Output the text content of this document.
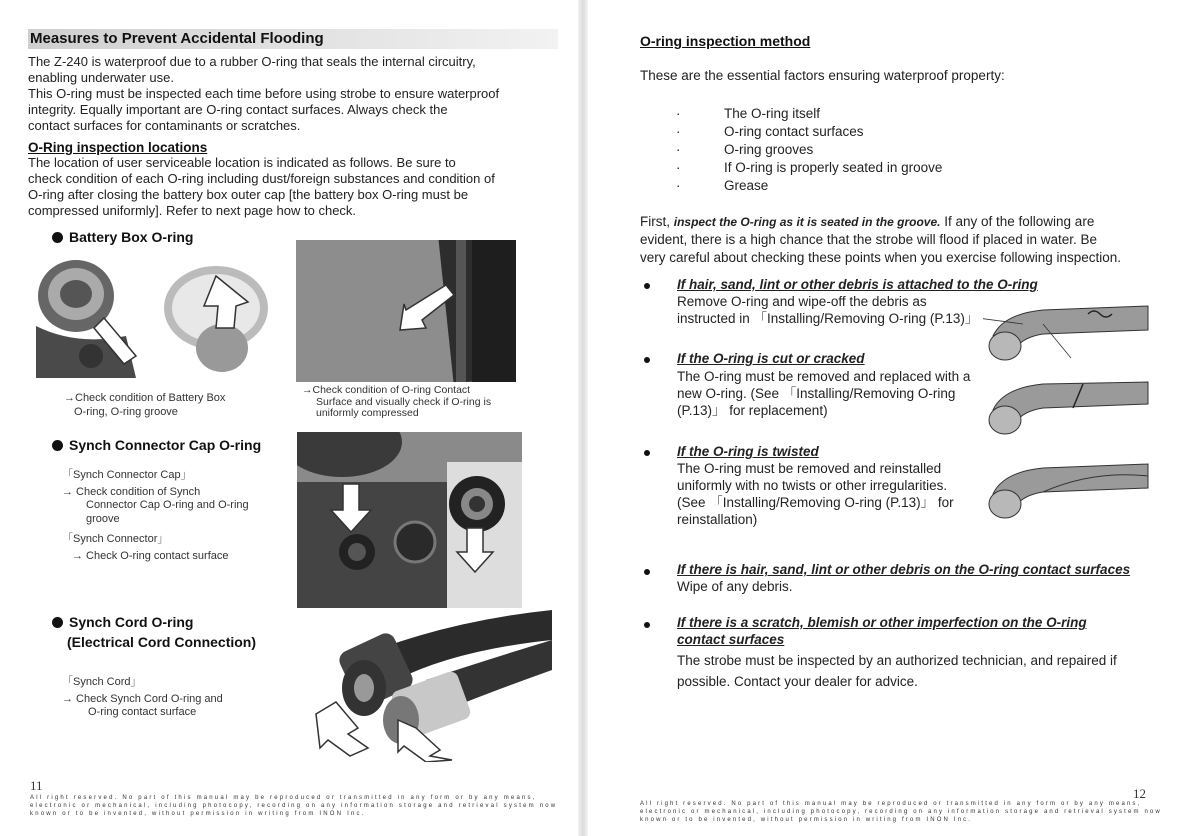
Measures to Prevent Accidental Flooding
The Z-240 is waterproof due to a rubber O-ring that seals the internal circuitry,
enabling underwater use.
This O-ring must be inspected each time before using strobe to ensure waterproof
integrity. Equally important are O-ring contact surfaces. Always check the
contact surfaces for contaminants or scratches.
O-Ring inspection locations
The location of user serviceable location is indicated as follows. Be sure to
check condition of each O-ring including dust/foreign substances and condition of
O-ring after closing the battery box outer cap [the battery box O-ring must be
compressed uniformly]. Refer to next page how to check.
Battery Box O-ring
→Check condition of Battery Box
O-ring, O-ring groove
→Check condition of O-ring Contact
Surface and visually check if O-ring is
uniformly compressed
Synch Connector Cap O-ring
「Synch Connector Cap」
→ Check condition of Synch
Connector Cap O-ring and O-ring
groove
「Synch Connector」
→ Check O-ring contact surface
Synch Cord O-ring
(Electrical Cord Connection)
「Synch Cord」
→ Check Synch Cord O-ring and
O-ring contact surface
11
All right reserved. No part of this manual may be reproduced or transmitted in any form or by any means,
electronic or mechanical, including photocopy, recording on any information storage and retrieval system now
known or to be invented, without permission in writing from INON Inc.
O-ring inspection method
These are the essential factors ensuring waterproof property:
·	The O-ring itself
·	O-ring contact surfaces
·	O-ring grooves
·	If O-ring is properly seated in groove
·	Grease
First, inspect the O-ring as it is seated in the groove. If any of the following are
evident, there is a high chance that the strobe will flood if placed in water. Be
very careful about checking these points when you exercise following inspection.
If hair, sand, lint or other debris is attached to the O-ring
Remove O-ring and wipe-off the debris as
instructed in 「Installing/Removing O-ring (P.13)」
If the O-ring is cut or cracked
The O-ring must be removed and replaced with a
new O-ring. (See 「Installing/Removing O-ring
(P.13)」 for replacement)
If the O-ring is twisted
The O-ring must be removed and reinstalled
uniformly with no twists or other irregularities.
(See 「Installing/Removing O-ring (P.13)」 for
reinstallation)
If there is hair, sand, lint or other debris on the O-ring contact surfaces
Wipe of any debris.
If there is a scratch, blemish or other imperfection on the O-ring
contact surfaces
The strobe must be inspected by an authorized technician, and repaired if
possible. Contact your dealer for advice.
12
All right reserved. No part of this manual may be reproduced or transmitted in any form or by any means,
electronic or mechanical, including photocopy, recording on any information storage and retrieval system now
known or to be invented, without permission in writing from INON Inc.
